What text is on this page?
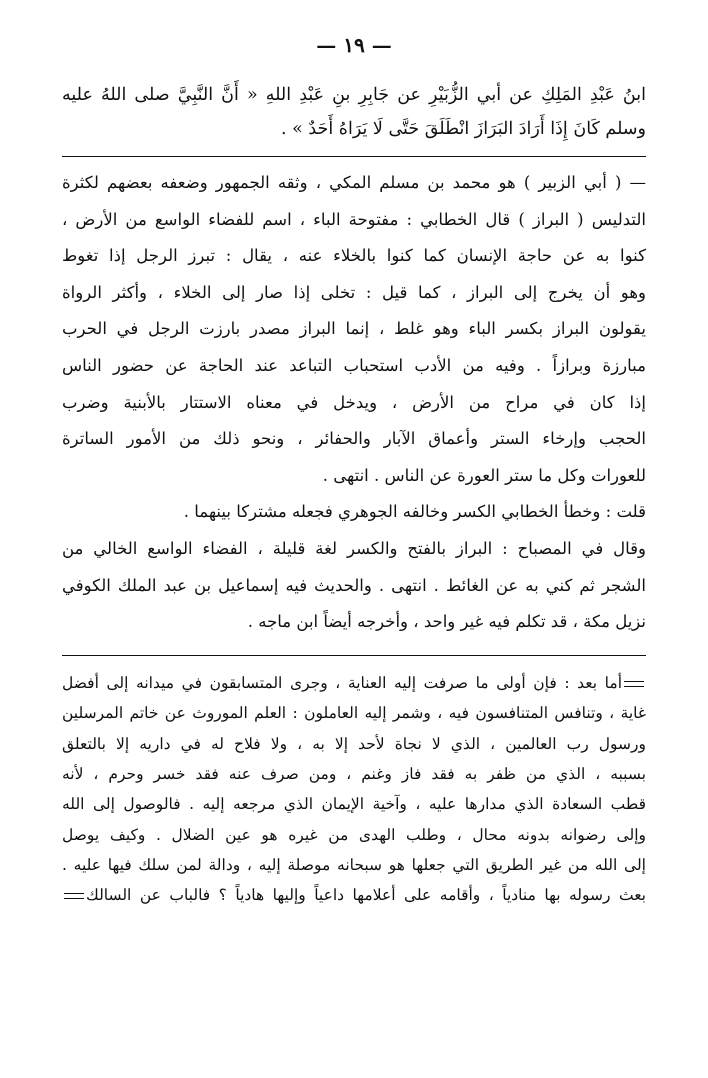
— ١٩ —
ابنُ عَبْدِ المَلِكِ عن أبي الزُّبَيْرِ عن جَابِرِ بنِ عَبْدِ اللهِ « أَنَّ النَّبِيَّ صلى اللهُ عليه وسلم كَانَ إِذَا أَرَادَ البَرَازَ انْطَلَقَ حَتَّى لَا يَرَاهُ أَحَدٌ » .
— ( أبي الزبير ) هو محمد بن مسلم المكي ، وثقه الجمهور وضعفه بعضهم لكثرة
التدليس ( البراز ) قال الخطابي : مفتوحة الباء ، اسم للفضاء الواسع من الأرض ،
كنوا به عن حاجة الإنسان كما كنوا بالخلاء عنه ، يقال : تبرز الرجل إذا تغوط
وهو أن يخرج إلى البراز ، كما قيل : تخلى إذا صار إلى الخلاء ، وأكثر الرواة
يقولون البراز بكسر الباء وهو غلط ، إنما البراز مصدر بارزت الرجل في الحرب
مبارزة وبرازاً . وفيه من الأدب استحباب التباعد عند الحاجة عن حضور الناس
إذا كان في مراح من الأرض ، ويدخل في معناه الاستتار بالأبنية وضرب
الحجب وإرخاء الستر وأعماق الآبار والحفائر ، ونحو ذلك من الأمور الساترة
للعورات وكل ما ستر العورة عن الناس . انتهى .
قلت : وخطأ الخطابي الكسر وخالفه الجوهري فجعله مشتركا بينهما .
وقال في المصباح : البراز بالفتح والكسر لغة قليلة ، الفضاء الواسع الخالي من
الشجر ثم كني به عن الغائط . انتهى . والحديث فيه إسماعيل بن عبد الملك الكوفي
نزيل مكة ، قد تكلم فيه غير واحد ، وأخرجه أيضاً ابن ماجه .
أما بعد : فإن أولى ما صرفت إليه العناية ، وجرى المتسابقون في ميدانه إلى أفضل
غاية ، وتنافس المتنافسون فيه ، وشمر إليه العاملون : العلم الموروث عن خاتم المرسلين
ورسول رب العالمين ، الذي لا نجاة لأحد إلا به ، ولا فلاح له في داريه إلا بالتعلق
بسببه ، الذي من ظفر به فقد فاز وغنم ، ومن صرف عنه فقد خسر وحرم ، لأنه
قطب السعادة الذي مدارها عليه ، وآخية الإيمان الذي مرجعه إليه . فالوصول إلى الله
وإلى رضوانه بدونه محال ، وطلب الهدى من غيره هو عين الضلال . وكيف يوصل
إلى الله من غير الطريق التي جعلها هو سبحانه موصلة إليه ، ودالة لمن سلك فيها عليه .
بعث رسوله بها منادياً ، وأقامه على أعلامها داعياً وإليها هادياً ؟ فالباب عن السالك
